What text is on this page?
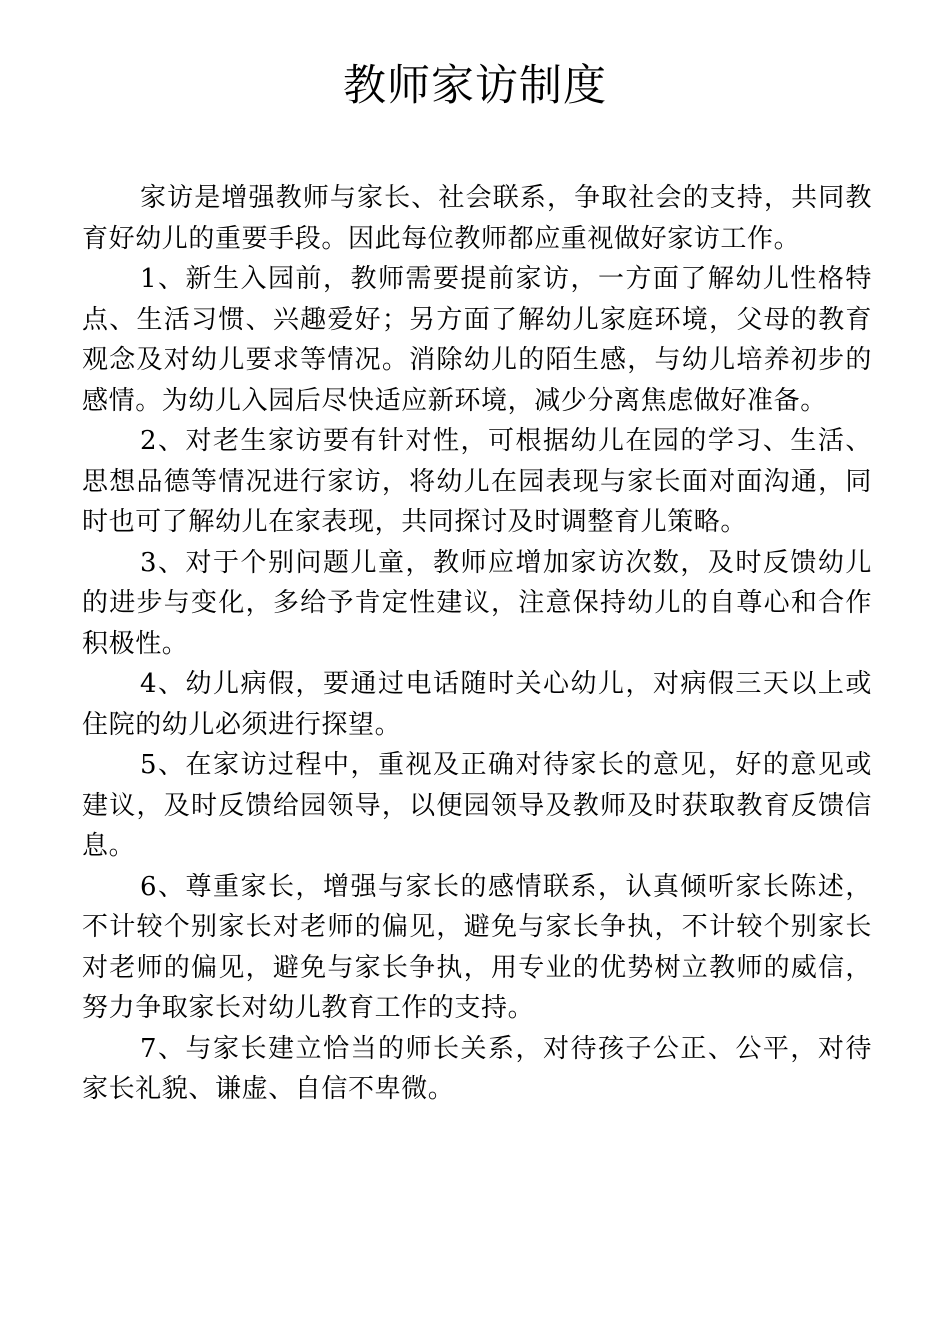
教师家访制度

家访是增强教师与家长、社会联系，争取社会的支持，共同教育好幼儿的重要手段。因此每位教师都应重视做好家访工作。

1、新生入园前，教师需要提前家访，一方面了解幼儿性格特点、生活习惯、兴趣爱好；另方面了解幼儿家庭环境，父母的教育观念及对幼儿要求等情况。消除幼儿的陌生感，与幼儿培养初步的感情。为幼儿入园后尽快适应新环境，减少分离焦虑做好准备。

2、对老生家访要有针对性，可根据幼儿在园的学习、生活、思想品德等情况进行家访，将幼儿在园表现与家长面对面沟通，同时也可了解幼儿在家表现，共同探讨及时调整育儿策略。

3、对于个别问题儿童，教师应增加家访次数，及时反馈幼儿的进步与变化，多给予肯定性建议，注意保持幼儿的自尊心和合作积极性。

4、幼儿病假，要通过电话随时关心幼儿，对病假三天以上或住院的幼儿必须进行探望。

5、在家访过程中，重视及正确对待家长的意见，好的意见或建议，及时反馈给园领导，以便园领导及教师及时获取教育反馈信息。

6、尊重家长，增强与家长的感情联系，认真倾听家长陈述，不计较个别家长对老师的偏见，避免与家长争执，不计较个别家长对老师的偏见，避免与家长争执，用专业的优势树立教师的威信，努力争取家长对幼儿教育工作的支持。

7、与家长建立恰当的师长关系，对待孩子公正、公平，对待家长礼貌、谦虚、自信不卑微。
